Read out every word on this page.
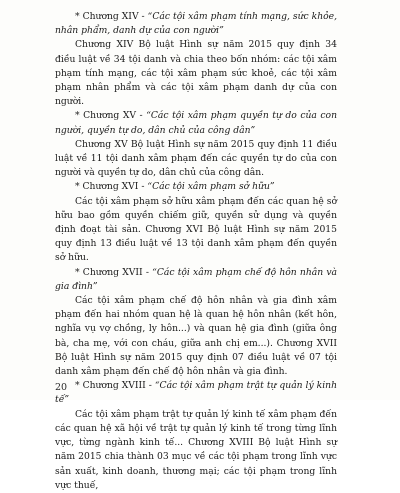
* Chương XIV - “Các tội xâm phạm tính mạng, sức khỏe, nhân phẩm, danh dự của con người”

Chương XIV Bộ luật Hình sự năm 2015 quy định 34 điều luật về 34 tội danh và chia theo bốn nhóm: các tội xâm phạm tính mạng, các tội xâm phạm sức khoẻ, các tội xâm phạm nhân phẩm và các tội xâm phạm danh dự của con người.

* Chương XV - “Các tội xâm phạm quyền tự do của con người, quyền tự do, dân chủ của công dân”

Chương XV Bộ luật Hình sự năm 2015 quy định 11 điều luật về 11 tội danh xâm phạm đến các quyền tự do của con người và quyền tự do, dân chủ của công dân.

* Chương XVI - “Các tội xâm phạm sở hữu”

Các tội xâm phạm sở hữu xâm phạm đến các quan hệ sở hữu bao gồm quyền chiếm giữ, quyền sử dụng và quyền định đoạt tài sản. Chương XVI Bộ luật Hình sự năm 2015 quy định 13 điều luật về 13 tội danh xâm phạm đến quyền sở hữu.

* Chương XVII - “Các tội xâm phạm chế độ hôn nhân và gia đình”

Các tội xâm phạm chế độ hôn nhân và gia đình xâm phạm đến hai nhóm quan hệ là quan hệ hôn nhân (kết hôn, nghĩa vụ vợ chồng, ly hôn...) và quan hệ gia đình (giữa ông bà, cha mẹ, với con cháu, giữa anh chị em...). Chương XVII Bộ luật Hình sự năm 2015 quy định 07 điều luật về 07 tội danh xâm phạm đến chế độ hôn nhân và gia đình.

* Chương XVIII - “Các tội xâm phạm trật tự quản lý kinh tế”

Các tội xâm phạm trật tự quản lý kinh tế xâm phạm đến các quan hệ xã hội về trật tự quản lý kinh tế trong từng lĩnh vực, từng ngành kinh tế... Chương XVIII Bộ luật Hình sự năm 2015 chia thành 03 mục về các tội phạm trong lĩnh vực sản xuất, kinh doanh, thương mại; các tội phạm trong lĩnh vực thuế,

20
